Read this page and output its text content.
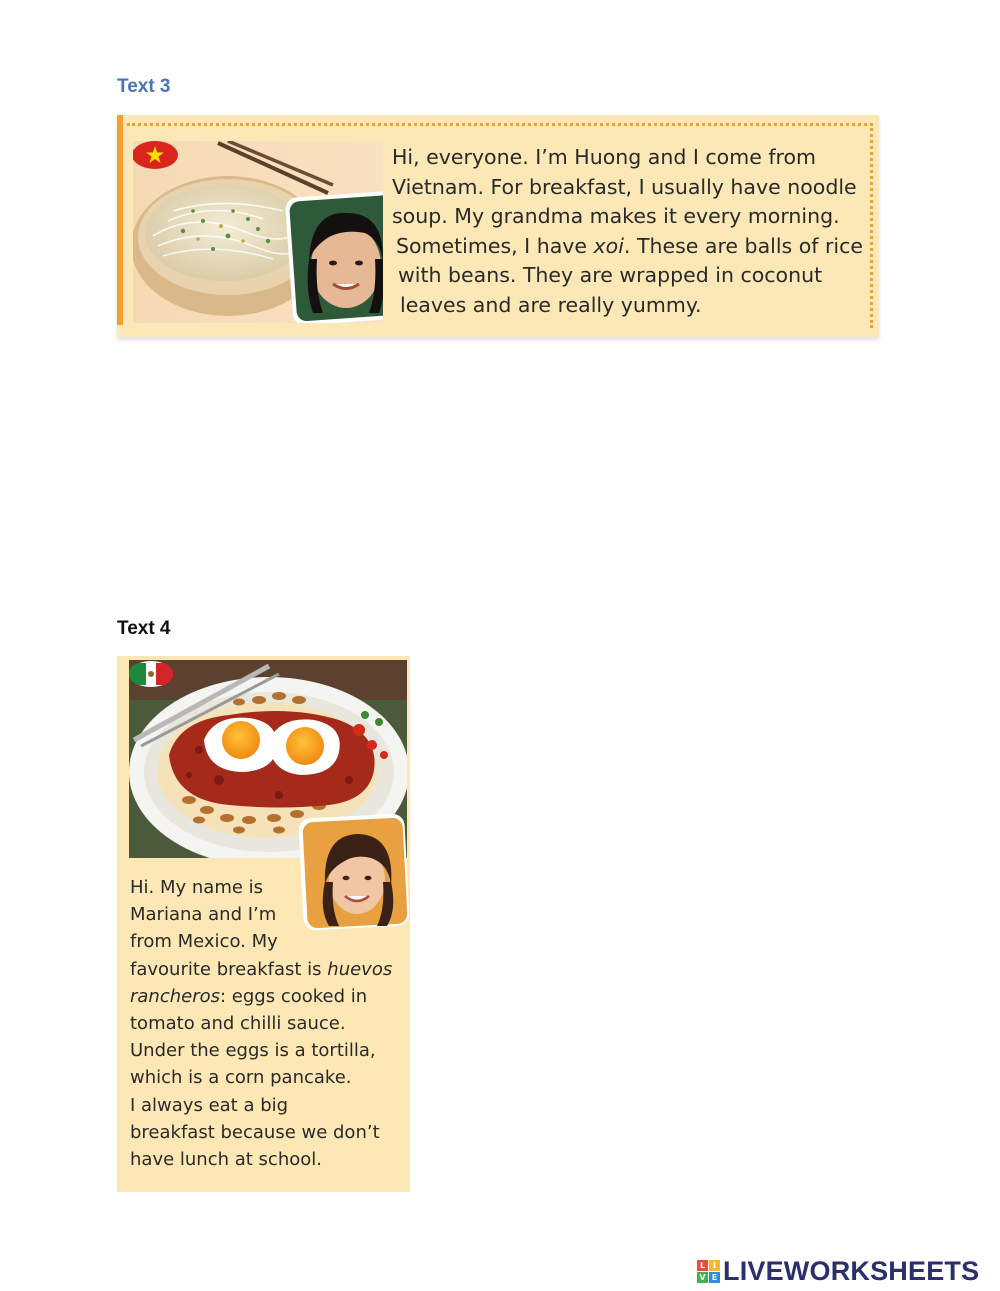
Text 3
Hi, everyone. I’m Huong and I come from
Vietnam. For breakfast, I usually have noodle
soup. My grandma makes it every morning.
Sometimes, I have xoi. These are balls of rice
with beans. They are wrapped in coconut
leaves and are really yummy.
Text 4
Hi. My name is
Mariana and I’m
from Mexico. My
favourite breakfast is huevos
rancheros: eggs cooked in
tomato and chilli sauce.
Under the eggs is a tortilla,
which is a corn pancake.
I always eat a big
breakfast because we don’t
have lunch at school.
L I
V E LIVEWORKSHEETS
